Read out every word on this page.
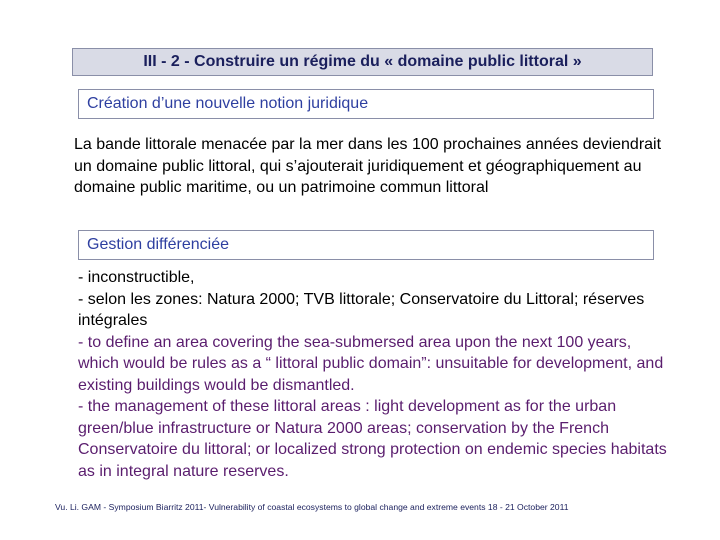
III - 2 - Construire un régime du « domaine public littoral »
Création d’une nouvelle notion juridique
La bande littorale menacée par la mer dans les 100 prochaines années deviendrait un domaine public littoral, qui s’ajouterait juridiquement et géographiquement au domaine public maritime, ou un patrimoine commun littoral
Gestion différenciée
- inconstructible,
- selon les zones: Natura 2000; TVB littorale; Conservatoire du Littoral; réserves intégrales
- to define an area covering the sea-submersed area upon the next 100 years, which would be rules as a “ littoral public domain”: unsuitable for development, and existing buildings would be dismantled.
- the management of these littoral areas : light development as for the urban green/blue infrastructure or Natura 2000 areas; conservation by the French Conservatoire du littoral; or localized strong protection on endemic species habitats as in integral nature reserves.
Vu. Li. GAM - Symposium Biarritz 2011- Vulnerability of coastal ecosystems to global change and extreme events 18 - 21 October 2011
